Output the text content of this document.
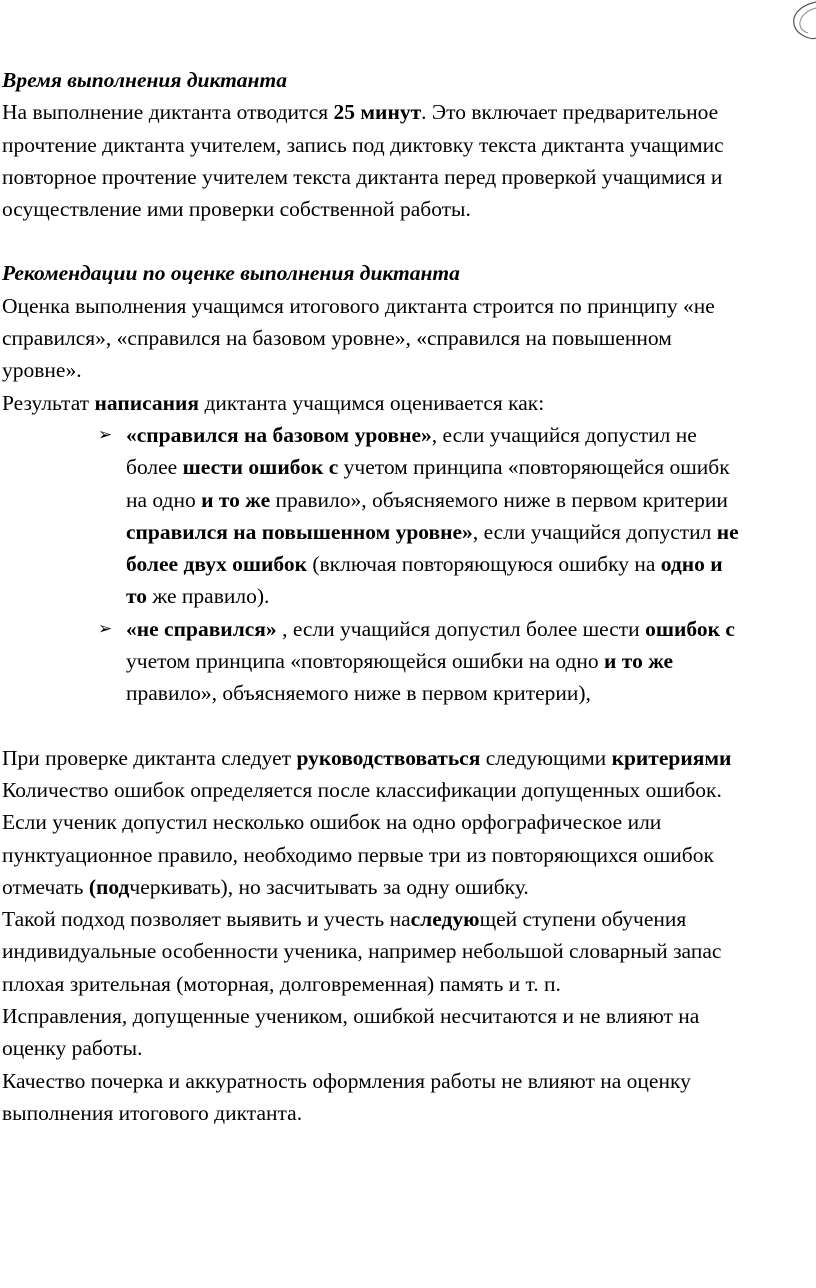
Время выполнения диктанта
На выполнение диктанта отводится 25 минут. Это включает предварительное
прочтение диктанта учителем, запись под диктовку текста диктанта учащимис
повторное прочтение учителем текста диктанта перед проверкой учащимися и
осуществление ими проверки собственной работы.
Рекомендации по оценке выполнения диктанта
Оценка выполнения учащимся итогового диктанта строится по принципу «не
справился», «справился на базовом уровне», «справился на повышенном
уровне».
Результат написания диктанта учащимся оценивается как:
➢ «справился на базовом уровне», если учащийся допустил не
более шести ошибок с учетом принципа «повторяющейся ошибк
на одно и то же правило», объясняемого ниже в первом критерии
справился на повышенном уровне», если учащийся допустил не
более двух ошибок (включая повторяющуюся ошибку на одно и
то же правило).
➢ «не справился» , если учащийся допустил более шести ошибок с
учетом принципа «повторяющейся ошибки на одно и то же
правило», объясняемого ниже в первом критерии),
При проверке диктанта следует руководствоваться следующими критериями
Количество ошибок определяется после классификации допущенных ошибок.
Если ученик допустил несколько ошибок на одно орфографическое или
пунктуационное правило, необходимо первые три из повторяющихся ошибок
отмечать (подчеркивать), но засчитывать за одну ошибку.
Такой подход позволяет выявить и учесть наследующей ступени обучения
индивидуальные особенности ученика, например небольшой словарный запас
плохая зрительная (моторная, долговременная) память и т. п.
Исправления, допущенные учеником, ошибкой несчитаются и не влияют на
оценку работы.
Качество почерка и аккуратность оформления работы не влияют на оценку
выполнения итогового диктанта.
